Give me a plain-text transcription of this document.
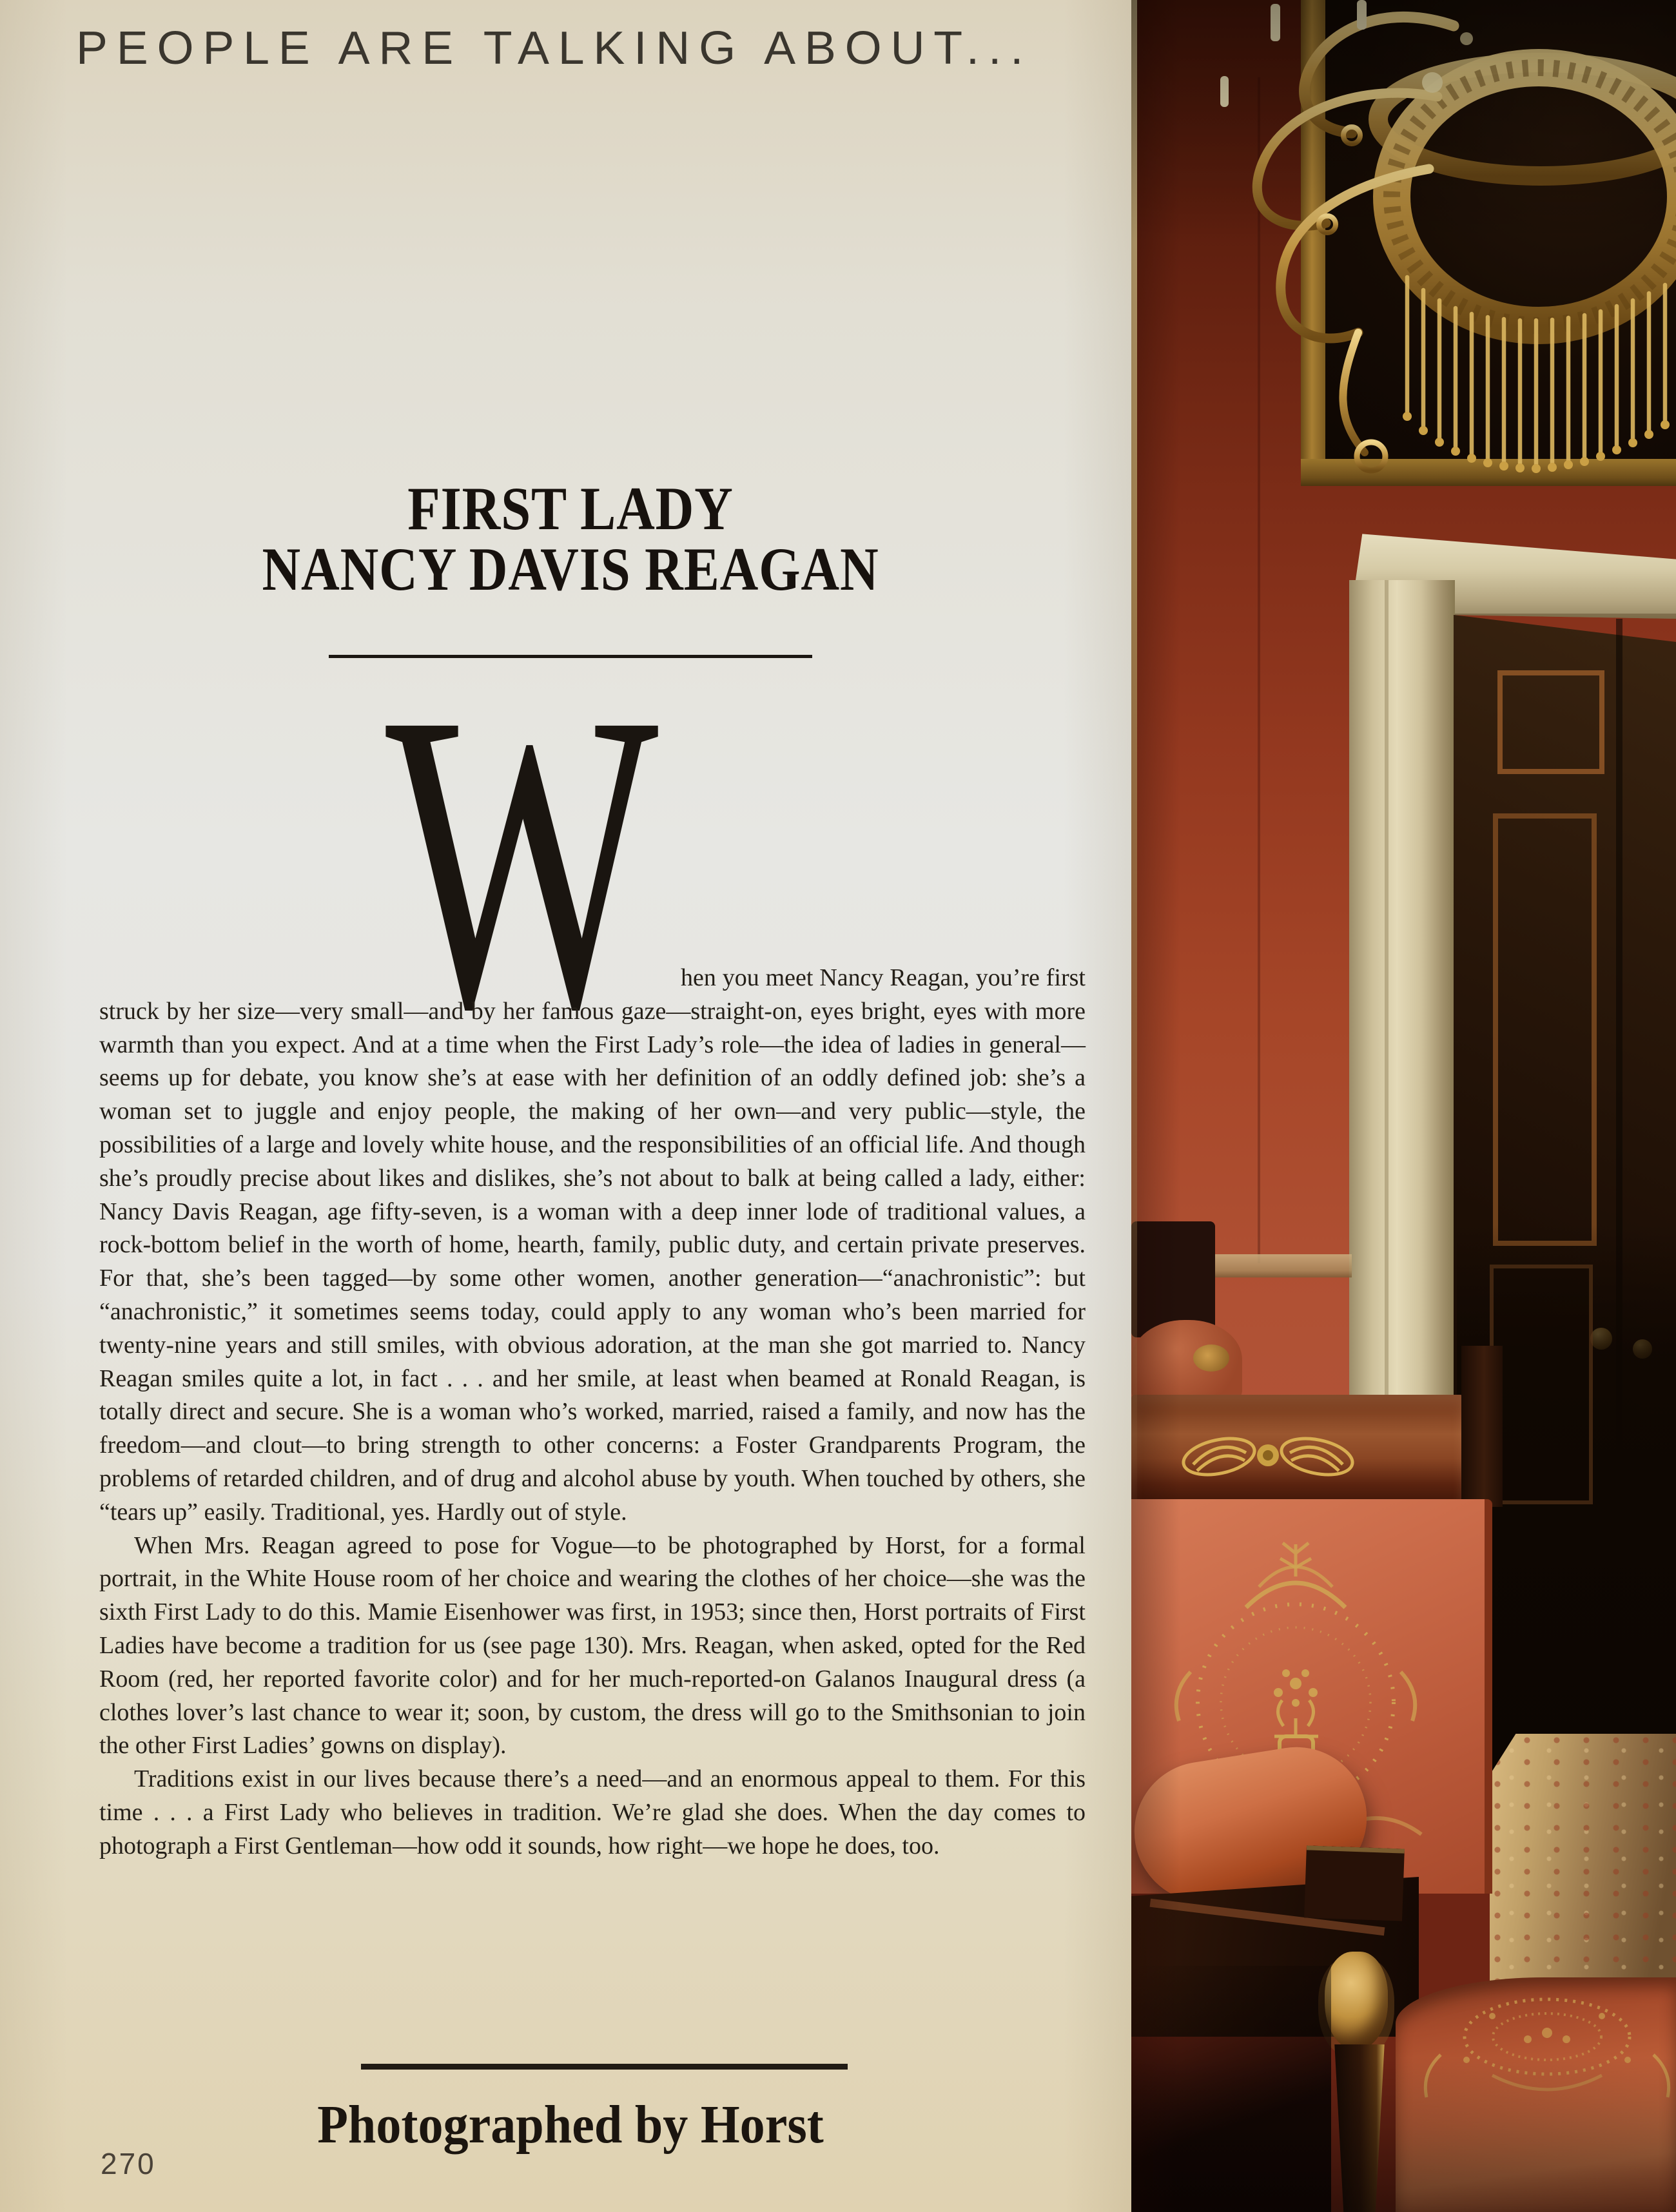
PEOPLE ARE TALKING ABOUT...
FIRST LADY
NANCY DAVIS REAGAN
W hen you meet Nancy Reagan, you’re first struck by her size—very small—and by her famous gaze—straight-on, eyes bright, eyes with more warmth than you expect. And at a time when the First Lady’s role—the idea of ladies in general—seems up for debate, you know she’s at ease with her definition of an oddly defined job: she’s a woman set to juggle and enjoy people, the making of her own—and very public—style, the possibilities of a large and lovely white house, and the responsibilities of an official life. And though she’s proudly precise about likes and dislikes, she’s not about to balk at being called a lady, either: Nancy Davis Reagan, age fifty-seven, is a woman with a deep inner lode of traditional values, a rock-bottom belief in the worth of home, hearth, family, public duty, and certain private preserves. For that, she’s been tagged—by some other women, another generation—“anachronistic”: but “anachronistic,” it sometimes seems today, could apply to any woman who’s been married for twenty-nine years and still smiles, with obvious adoration, at the man she got married to. Nancy Reagan smiles quite a lot, in fact . . . and her smile, at least when beamed at Ronald Reagan, is totally direct and secure. She is a woman who’s worked, married, raised a family, and now has the freedom—and clout—to bring strength to other concerns: a Foster Grandparents Program, the problems of retarded children, and of drug and alcohol abuse by youth. When touched by others, she “tears up” easily. Traditional, yes. Hardly out of style.

When Mrs. Reagan agreed to pose for Vogue—to be photographed by Horst, for a formal portrait, in the White House room of her choice and wearing the clothes of her choice—she was the sixth First Lady to do this. Mamie Eisenhower was first, in 1953; since then, Horst portraits of First Ladies have become a tradition for us (see page 130). Mrs. Reagan, when asked, opted for the Red Room (red, her reported favorite color) and for her much-reported-on Galanos Inaugural dress (a clothes lover’s last chance to wear it; soon, by custom, the dress will go to the Smithsonian to join the other First Ladies’ gowns on display).

Traditions exist in our lives because there’s a need—and an enormous appeal to them. For this time . . . a First Lady who believes in tradition. We’re glad she does. When the day comes to photograph a First Gentleman—how odd it sounds, how right—we hope he does, too.

Photographed by Horst
270
